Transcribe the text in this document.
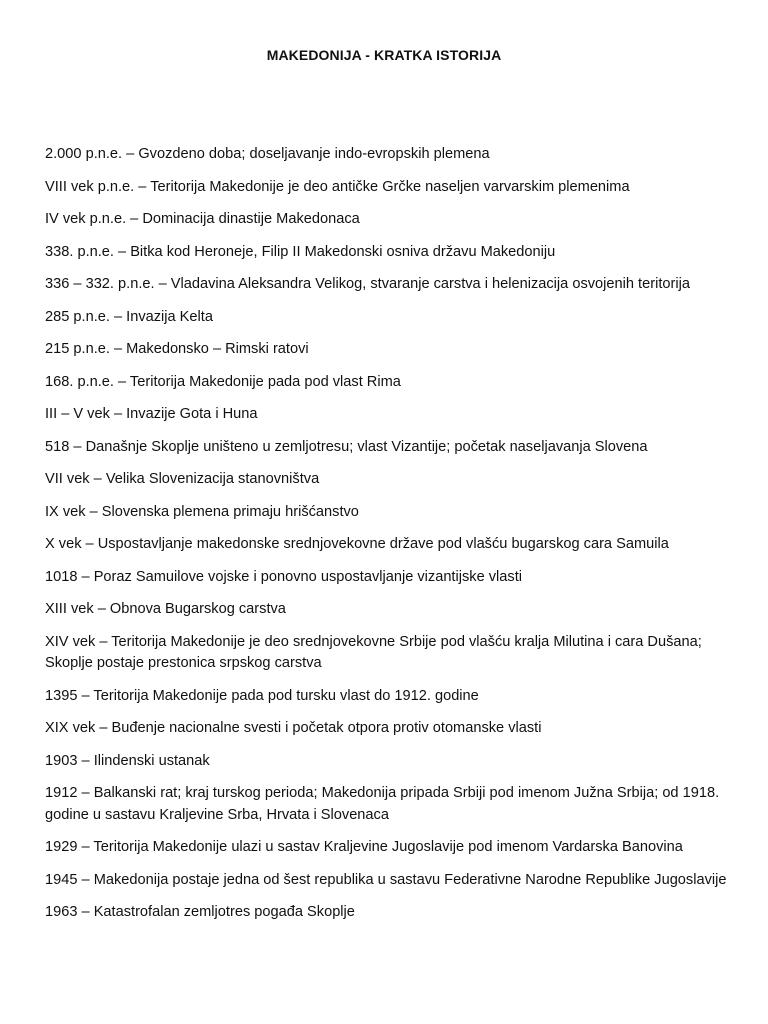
MAKEDONIJA - KRATKA ISTORIJA
2.000 p.n.e. – Gvozdeno doba; doseljavanje indo-evropskih plemena
VIII vek p.n.e. – Teritorija Makedonije je deo antičke Grčke naseljen varvarskim plemenima
IV vek p.n.e. – Dominacija dinastije Makedonaca
338. p.n.e. – Bitka kod Heroneje, Filip II Makedonski osniva državu Makedoniju
336 – 332. p.n.e. – Vladavina Aleksandra Velikog, stvaranje carstva i helenizacija osvojenih teritorija
285 p.n.e. – Invazija Kelta
215 p.n.e. – Makedonsko – Rimski ratovi
168. p.n.e. – Teritorija Makedonije pada pod vlast Rima
III – V vek – Invazije Gota i Huna
518 – Današnje Skoplje uništeno u zemljotresu; vlast Vizantije; početak naseljavanja Slovena
VII vek – Velika Slovenizacija stanovništva
IX vek – Slovenska plemena primaju hrišćanstvo
X vek – Uspostavljanje makedonske srednjovekovne države pod vlašću bugarskog cara Samuila
1018 – Poraz Samuilove vojske i ponovno uspostavljanje vizantijske vlasti
XIII vek – Obnova Bugarskog carstva
XIV vek – Teritorija Makedonije je deo srednjovekovne Srbije pod vlašću kralja Milutina i cara Dušana; Skoplje postaje prestonica srpskog carstva
1395 – Teritorija Makedonije pada pod tursku vlast do 1912. godine
XIX vek – Buđenje nacionalne svesti i početak otpora protiv otomanske vlasti
1903 – Ilindenski ustanak
1912 – Balkanski rat; kraj turskog perioda; Makedonija pripada Srbiji pod imenom Južna Srbija; od 1918. godine u sastavu Kraljevine Srba, Hrvata i Slovenaca
1929 – Teritorija Makedonije ulazi u sastav Kraljevine Jugoslavije pod imenom Vardarska Banovina
1945 – Makedonija postaje jedna od šest republika u sastavu Federativne Narodne Republike Jugoslavije
1963 – Katastrofalan zemljotres pogađa Skoplje
